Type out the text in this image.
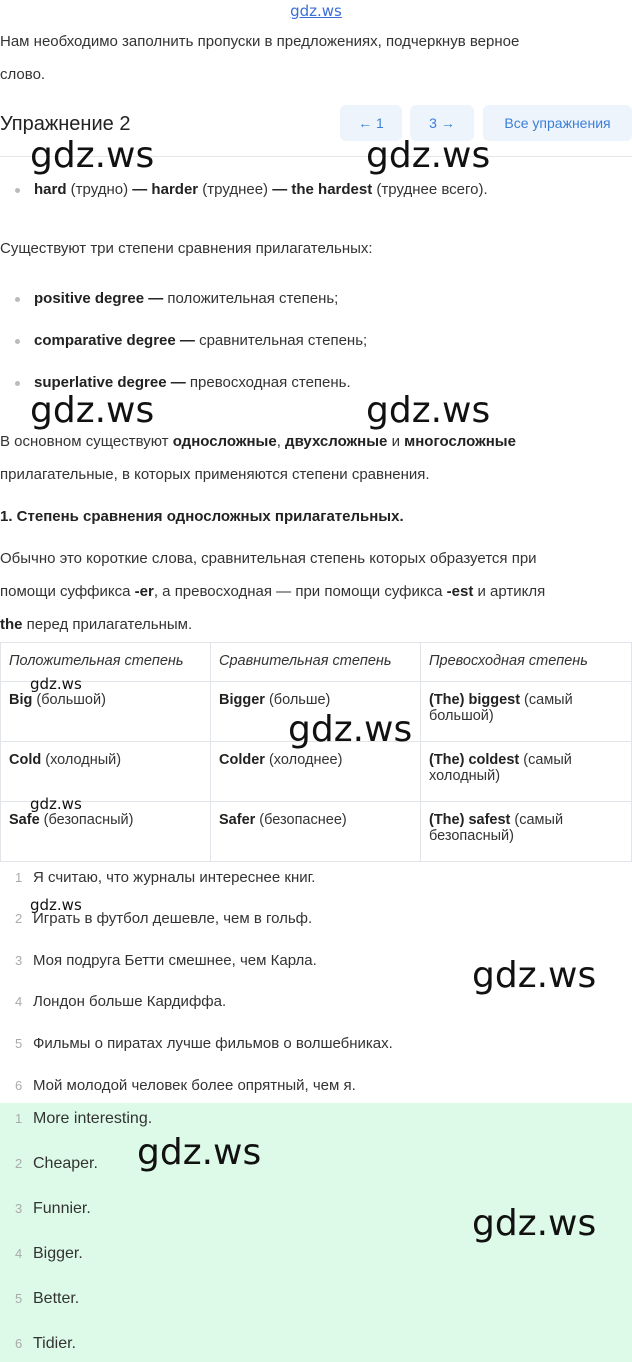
gdz.ws
Нам необходимо заполнить пропуски в предложениях, подчеркнув верное
слово.
Упражнение 2	← 1	3 →	Все упражнения
gdz.ws	gdz.ws
gdz.ws	gdz.ws
hard (трудно) — harder (труднее) — the hardest (труднее всего).
Существуют три степени сравнения прилагательных:
positive degree — положительная степень;
comparative degree — сравнительная степень;
superlative degree — превосходная степень.
В основном существуют односложные, двухсложные и многосложные
прилагательные, в которых применяются степени сравнения.
1. Степень сравнения односложных прилагательных.
Обычно это короткие слова, сравнительная степень которых образуется при
помощи суффикса -er, а превосходная — при помощи суфикса -est и артикля
the перед прилагательным.
Положительная степень	Сравнительная степень	Превосходная степень
Big (большой)	Bigger (больше)	(The) biggest (самый большой)
Cold (холодный)	Colder (холоднее)	(The) coldest (самый холодный)
Safe (безопасный)	Safer (безопаснее)	(The) safest (самый безопасный)
gdz.ws
gdz.ws
gdz.ws
gdz.ws
1 Я считаю, что журналы интереснее книг.
2 Играть в футбол дешевле, чем в гольф.
3 Моя подруга Бетти смешнее, чем Карла.
4 Лондон больше Кардиффа.
5 Фильмы о пиратах лучше фильмов о волшебниках.
6 Мой молодой человек более опрятный, чем я.
gdz.ws
1 More interesting.
2 Cheaper.
3 Funnier.
4 Bigger.
5 Better.
6 Tidier.
gdz.ws
gdz.ws
